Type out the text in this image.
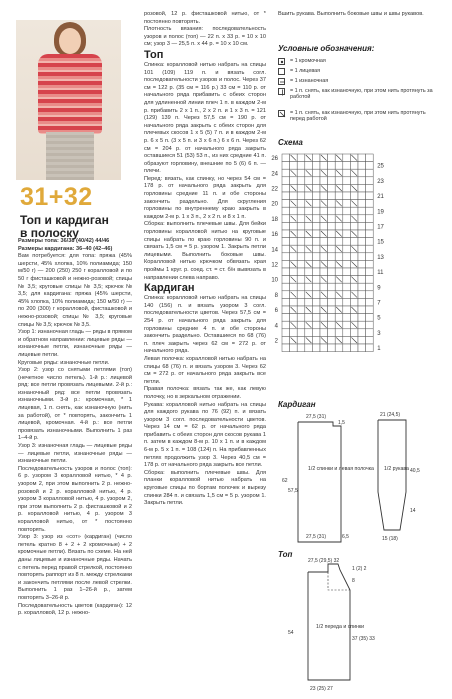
31+32
Топ и кардиган
в полоску

Размеры топа: 36/38 (40/42) 44/46

Размеры кардигана: 36–40 (42–46)

Вам потребуется: для топа: пряжа (45% шерсти, 45% хлопка, 10% полиамида; 150 м/50 г) — 200 (250) 250 г коралловой и по 50 г фисташковой и нежно-розовой; спицы № 3,5; круговые спицы № 3,5; крючок № 3,5; для кардигана: пряжа (45% шерсти, 45% хлопка, 10% полиамида; 150 м/50 г) — по 200 (300) г коралловой, фисташковой и нежно-розовой; спицы № 3,5; круговые спицы № 3,5; крючок № 3,5.

Узор 1: изнаночная гладь — ряды в прямом и обратном направлении: лицевые ряды — изнаночные петли, изнаночные ряды — лицевые петли.

Круговые ряды: изнаночные петли.

Узор 2: узор со снятыми петлями (топ) (нечетное число петель). 1-й р.: лицевой ряд: все петли провязать лицевыми. 2-й р.: изнаночный ряд: все петли провязать изнаночными. 3-й р.: кромочная, * 1 лицевая, 1 п. снять, как изнаночную (нить за работой), от * повторять, закончить 1 лицевой, кромочная. 4-й р.: все петли провязать изнаночными. Выполнить 1 раз 1–4-й р.

Узор 3: изнаночная гладь — лицевые ряды — лицевые петли, изнаночные ряды — изнаночные петли.

Последовательность узоров и полос (топ): 6 р. узором 3 коралловой нитью, * 4 р. узором 2, при этом выполнить 2 р. нежно-розовой и 2 р. коралловой нитью, 4 р. узором 3 коралловой нитью, 4 р. узором 2, при этом выполнить 2 р. фисташковой и 2 р. коралловой нитью, 4 р. узором 3 коралловой нитью, от * постоянно повторять.

Узор 3: узор из «сот» (кардиган) (число петель кратно 8 + 2 + 2 кромочные) + 2 кромочные петли). Вязать по схеме. На ней даны лицевые и изнаночные ряды. Начать с петель перед правой стрелкой, постоянно повторять раппорт из 8 п. между стрелками и закончить петлями после левой стрелки. Выполнить 1 раз 1–26-й р., затем повторять 3–26-й р.

Последовательность цветов (кардиган): 12 р. коралловой, 12 р. нежно-

розовой, 12 р. фисташковой нитью, от * постоянно повторять.

Плотность вязания: последовательность узоров и полос (топ) — 22 п. x 33 р. = 10 x 10 см; узор 3 — 25,5 п. x 44 р. = 10 x 10 см.

Топ

Спинка: коралловой нитью набрать на спицы 101 (109) 119 п. и вязать согл. последовательности узоров и полос. Через 37 см = 122 р. (35 см = 116 р.) 33 см = 110 р. от начального ряда прибавить с обеих сторон для удлиненной линии плеч 1 п. в каждом 2-м р. прибавить 2 x 1 п., 2 x 2 п. и 1 x 3 п. = 121 (129) 139 п. Через 57,5 см = 190 р. от начального ряда закрыть с обеих сторон для плечевых скосов 1 x 5 (5) 7 п. и в каждом 2-м р. 6 x 5 п. (3 x 5 п. и 3 x 6 п.) 6 x 6 п. Через 62 см = 204 р. от начального ряда закрыть оставшиеся 51 (53) 53 п., из них средние 41 п. образуют горловину, внешние по 5 (6) 6 п. — плечи.

Перед: вязать, как спинку, но через 54 см = 178 р. от начального ряда закрыть для горловины средние 11 п. и обе стороны закончить раздельно. Для скругления горловины по внутреннему краю закрыть в каждом 2-м р. 1 x 3 п., 2 x 2 п. и 8 x 1 п.

Сборка: выполнить плечевые швы. Для бейки горловины коралловой нитью на круговые спицы набрать по краю горловины 90 п. и связать 1,5 см = 5 р. узором 1. Закрыть петли лицевыми. Выполнить боковые швы. Коралловой нитью крючком обвязать края проймы 1 круг. р. соед. ст. = ст. б/н вывязать в направлении слева направо.

Кардиган

Спинка: коралловой нитью набрать на спицы 140 (156) п. и вязать узором 3 согл. последовательности цветов. Через 57,5 см = 254 р. от начального ряда закрыть для горловины средние 4 п. и обе стороны закончить раздельно. Оставшиеся по 68 (76) п. плеч закрыть через 62 см = 272 р. от начального ряда.

Левая полочка: коралловой нитью набрать на спицы 68 (76) п. и вязать узором 3. Через 62 см = 272 р. от начального ряда закрыть все петли.

Правая полочка: вязать так же, как левую полочку, но в зеркальном отражении.

Рукава: коралловой нитью набрать на спицы для каждого рукава по 76 (92) п. и вязать узором 3 согл. последовательности цветов. Через 14 см = 62 р. от начального ряда прибавить с обеих сторон для скосов рукава 1 п. затем в каждом 8-м р. 10 x 1 п. и в каждом 6-м р. 5 x 1 п. = 108 (124) п. На прибавленных петлях продолжить узор 3. Через 40,5 см = 178 р. от начального ряда закрыть все петли.

Сборка: выполнить плечевые швы. Для планки коралловой нитью набрать на круговые спицы по бортам полочек и вырезу спинки 284 п. и связать 1,5 см = 5 р. узором 1. Закрыть петли.

Вшить рукава. Выполнить боковые швы и швы рукавов.

Условные обозначения:
= 1 кромочная
= 1 лицевая
= 1 изнаночная
= 1 п. снять, как изнаночную, при этом нить протянуть за работой
= 1 п. снять, как изнаночную, при этом нить протянуть перед работой
Схема
26
25
24
23
22
21
20
19
18
17
16
15
14
13
12
11
10
9
8
7
6
5
4
3
2
1
Кардиган
27,5 (31)
1,5
1/2 спинки и левая полочка
62
57,5
1/2 рукава 40,5
21 (24,5)
15 (18)
14
27,5 (31)	6,5
Топ
27,5 (29,5) 32
1 (2) 2
8
1/2 переда и спинки
54
37 (35) 33
23 (25) 27
